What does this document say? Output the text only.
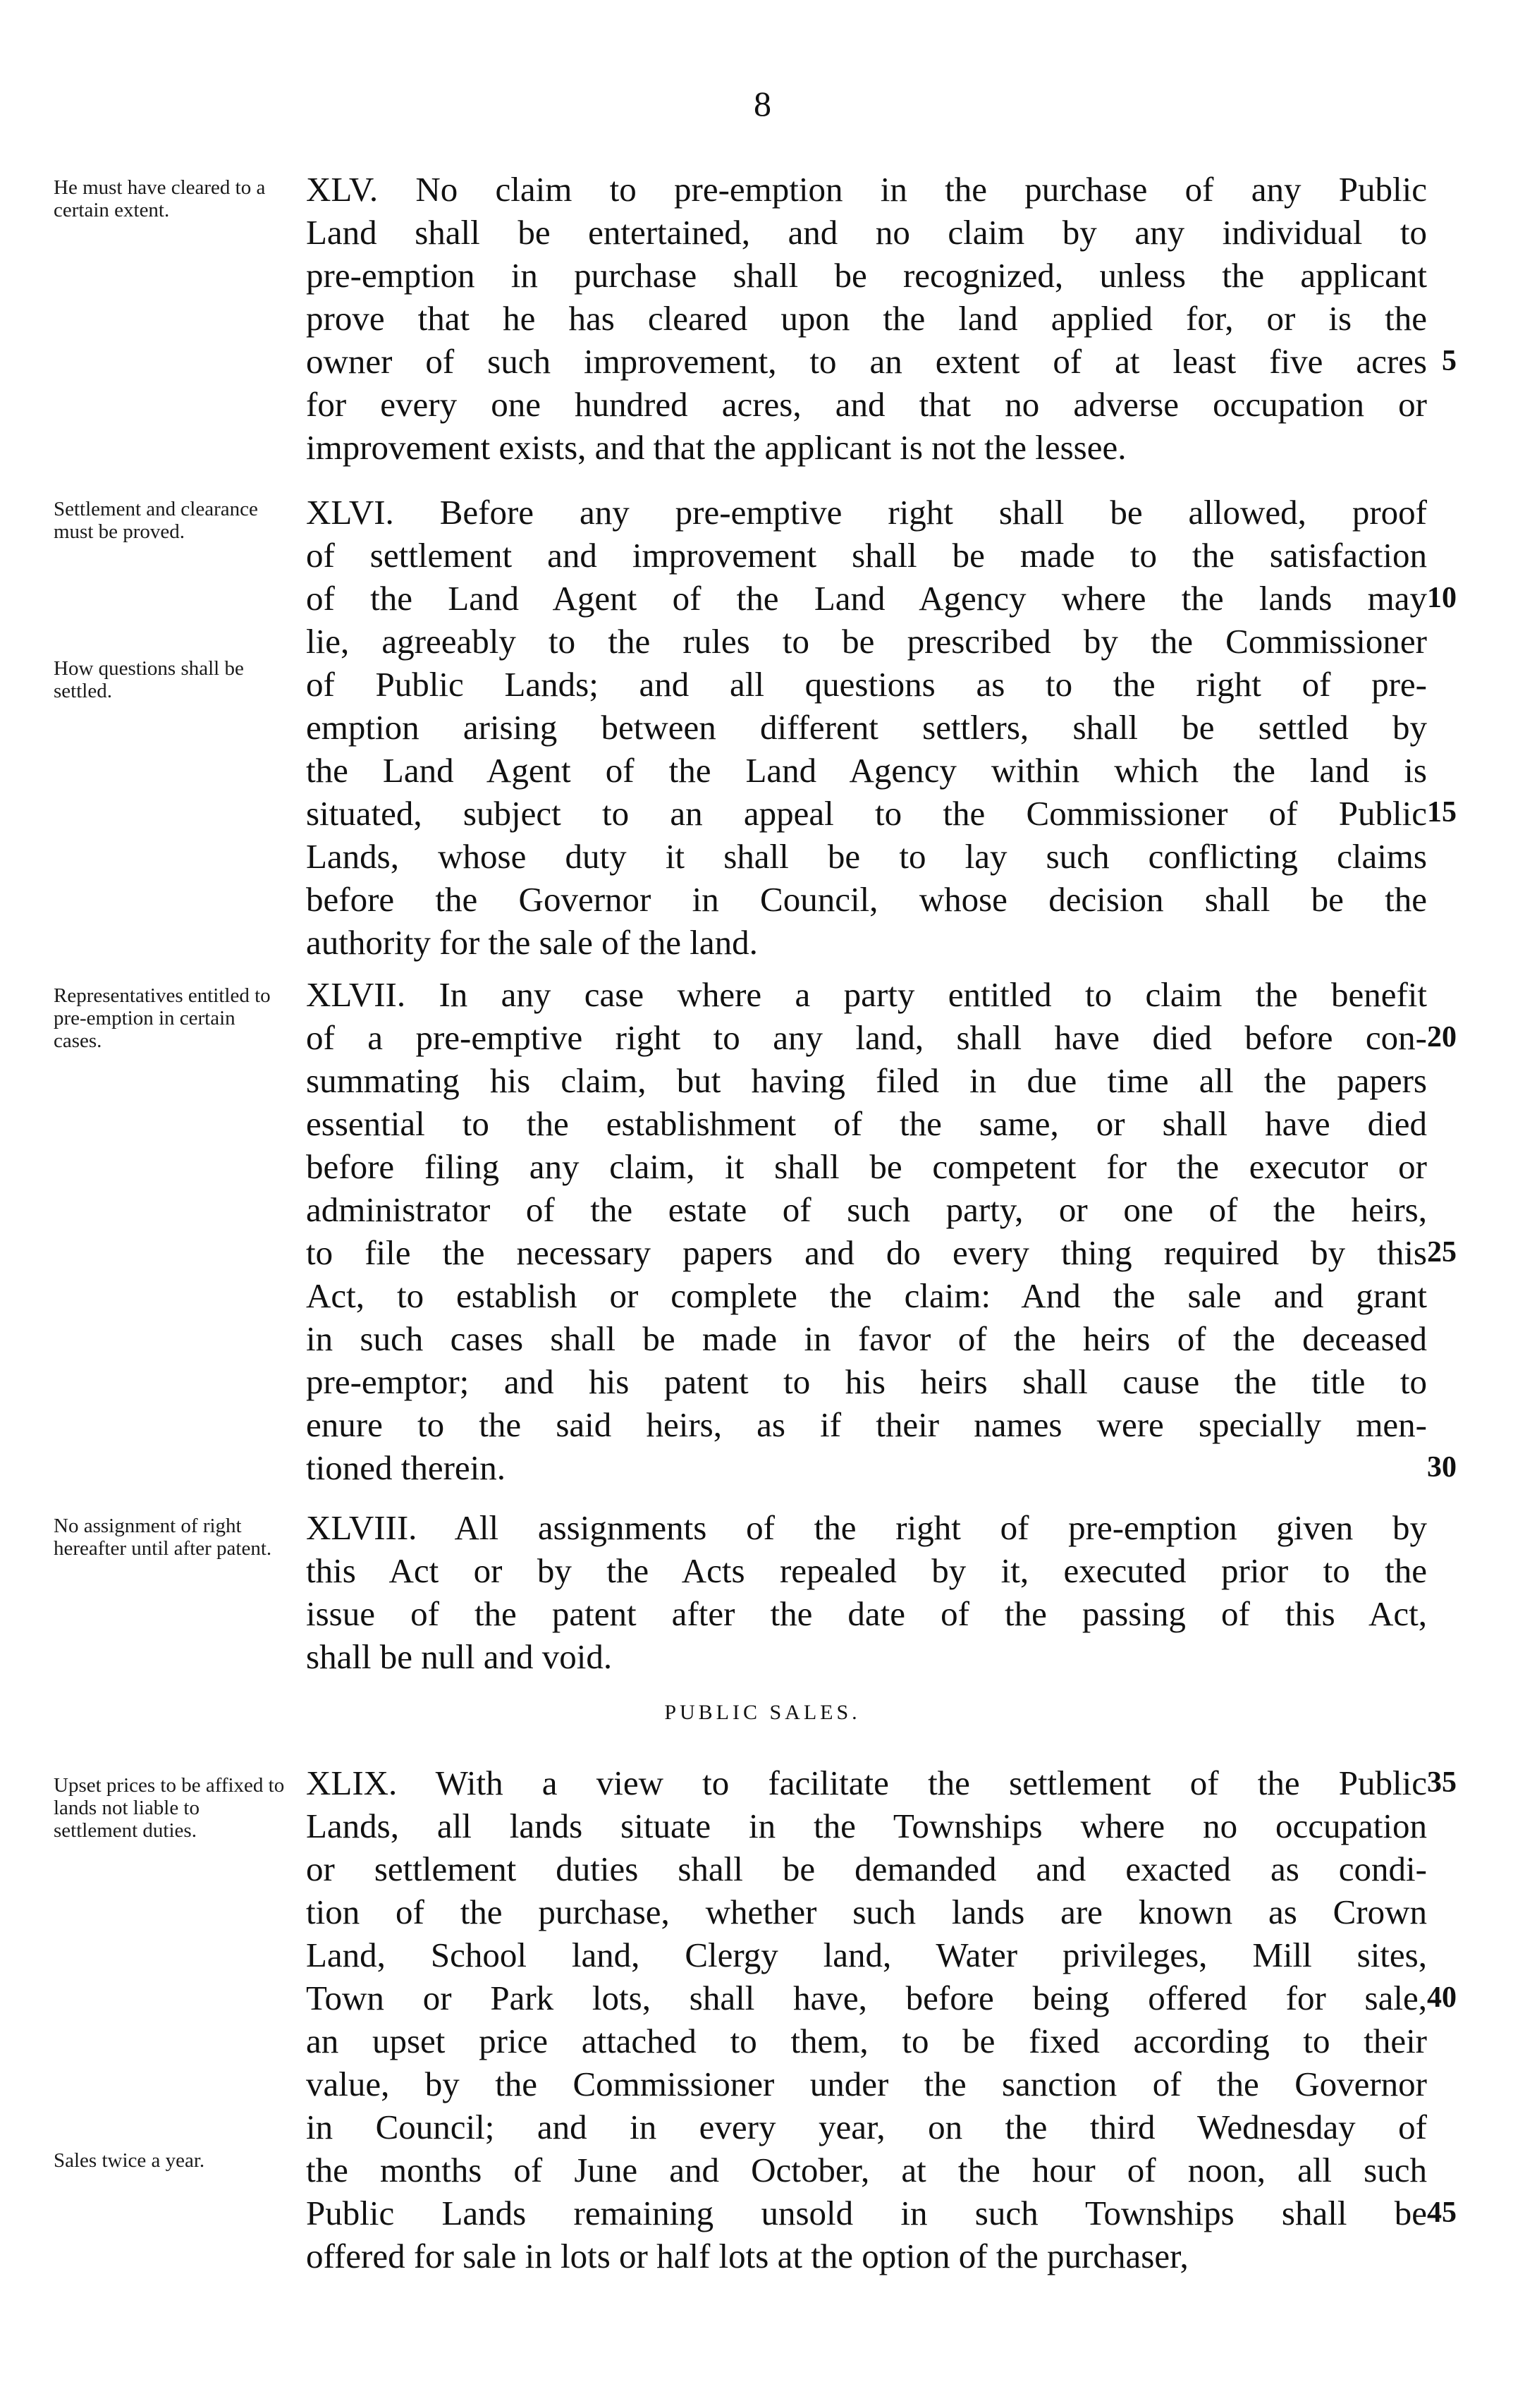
8
He must have cleared to a certain extent.
XLV. No claim to pre-emption in the purchase of any Public
Land shall be entertained, and no claim by any individual to
pre-emption in purchase shall be recognized, unless the applicant
prove that he has cleared upon the land applied for, or is the
owner of such improvement, to an extent of at least five acres
for every one hundred acres, and that no adverse occupation or
improvement exists, and that the applicant is not the lessee.
5
Settlement and clearance must be proved.
How questions shall be settled.
XLVI. Before any pre-emptive right shall be allowed, proof
of settlement and improvement shall be made to the satisfaction
of the Land Agent of the Land Agency where the lands may
lie, agreeably to the rules to be prescribed by the Commissioner
of Public Lands; and all questions as to the right of pre-
emption arising between different settlers, shall be settled by
the Land Agent of the Land Agency within which the land is
situated, subject to an appeal to the Commissioner of Public
Lands, whose duty it shall be to lay such conflicting claims
before the Governor in Council, whose decision shall be the
authority for the sale of the land.
10
15
Representatives entitled to pre-emption in certain cases.
XLVII. In any case where a party entitled to claim the benefit
of a pre-emptive right to any land, shall have died before con-
summating his claim, but having filed in due time all the papers
essential to the establishment of the same, or shall have died
before filing any claim, it shall be competent for the executor or
administrator of the estate of such party, or one of the heirs,
to file the necessary papers and do every thing required by this
Act, to establish or complete the claim: And the sale and grant
in such cases shall be made in favor of the heirs of the deceased
pre-emptor; and his patent to his heirs shall cause the title to
enure to the said heirs, as if their names were specially men-
tioned therein.
20
25
30
No assignment of right hereafter until after patent.
XLVIII. All assignments of the right of pre-emption given by
this Act or by the Acts repealed by it, executed prior to the
issue of the patent after the date of the passing of this Act,
shall be null and void.
PUBLIC SALES.
Upset prices to be affixed to lands not liable to settlement duties.
Sales twice a year.
XLIX. With a view to facilitate the settlement of the Public
Lands, all lands situate in the Townships where no occupation
or settlement duties shall be demanded and exacted as condi-
tion of the purchase, whether such lands are known as Crown
Land, School land, Clergy land, Water privileges, Mill sites,
Town or Park lots, shall have, before being offered for sale,
an upset price attached to them, to be fixed according to their
value, by the Commissioner under the sanction of the Governor
in Council; and in every year, on the third Wednesday of
the months of June and October, at the hour of noon, all such
Public Lands remaining unsold in such Townships shall be
offered for sale in lots or half lots at the option of the purchaser,
35
40
45
